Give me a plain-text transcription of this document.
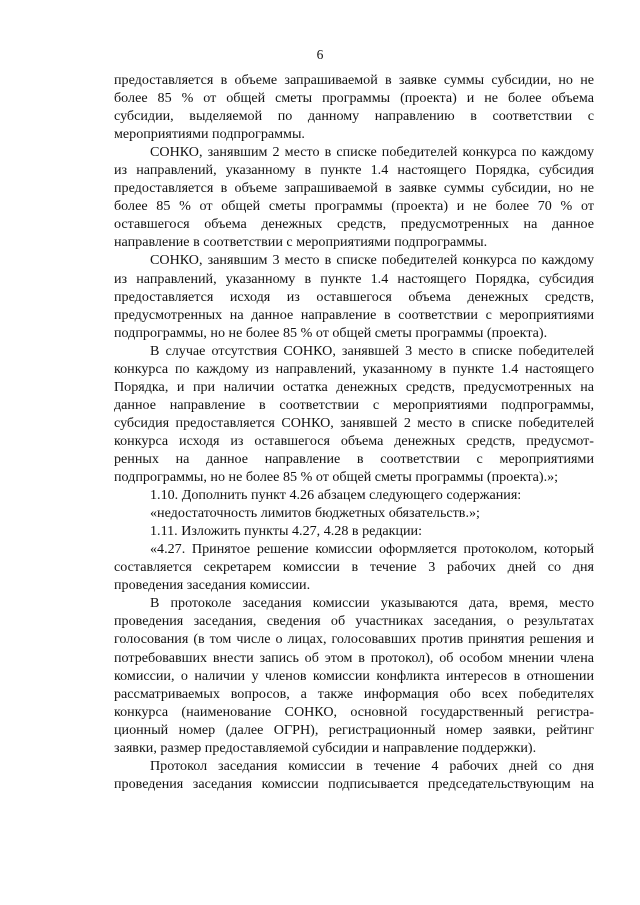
6
предоставляется в объеме запрашиваемой в заявке суммы субсидии, но не
более 85 % от общей сметы программы (проекта) и не более объема
субсидии, выделяемой по данному направлению в соответствии с
мероприятиями подпрограммы.
СОНКО, занявшим 2 место в списке победителей конкурса по каждому
из направлений, указанному в пункте 1.4 настоящего Порядка, субсидия
предоставляется в объеме запрашиваемой в заявке суммы субсидии, но не
более 85 % от общей сметы программы (проекта) и не более 70 % от
оставшегося объема денежных средств, предусмотренных на данное
направление в соответствии с мероприятиями подпрограммы.
СОНКО, занявшим 3 место в списке победителей конкурса по каждому
из направлений, указанному в пункте 1.4 настоящего Порядка, субсидия
предоставляется исходя из оставшегося объема денежных средств,
предусмотренных на данное направление в соответствии с мероприятиями
подпрограммы, но не более 85 % от общей сметы программы (проекта).
В случае отсутствия СОНКО, занявшей 3 место в списке победителей
конкурса по каждому из направлений, указанному в пункте 1.4 настоящего
Порядка, и при наличии остатка денежных средств, предусмотренных на
данное направление в соответствии с мероприятиями подпрограммы,
субсидия предоставляется СОНКО, занявшей 2 место в списке победителей
конкурса исходя из оставшегося объема денежных средств, предусмот-
ренных на данное направление в соответствии с мероприятиями
подпрограммы, но не более 85 % от общей сметы программы (проекта).»;
1.10. Дополнить пункт 4.26 абзацем следующего содержания:
«недостаточность лимитов бюджетных обязательств.»;
1.11. Изложить пункты 4.27, 4.28 в редакции:
«4.27. Принятое решение комиссии оформляется протоколом, который
составляется секретарем комиссии в течение 3 рабочих дней со дня
проведения заседания комиссии.
В протоколе заседания комиссии указываются дата, время, место
проведения заседания, сведения об участниках заседания, о результатах
голосования (в том числе о лицах, голосовавших против принятия решения и
потребовавших внести запись об этом в протокол), об особом мнении члена
комиссии, о наличии у членов комиссии конфликта интересов в отношении
рассматриваемых вопросов, а также информация обо всех победителях
конкурса (наименование СОНКО, основной государственный регистра-
ционный номер (далее ОГРН), регистрационный номер заявки, рейтинг
заявки, размер предоставляемой субсидии и направление поддержки).
Протокол заседания комиссии в течение 4 рабочих дней со дня
проведения заседания комиссии подписывается председательствующим на
